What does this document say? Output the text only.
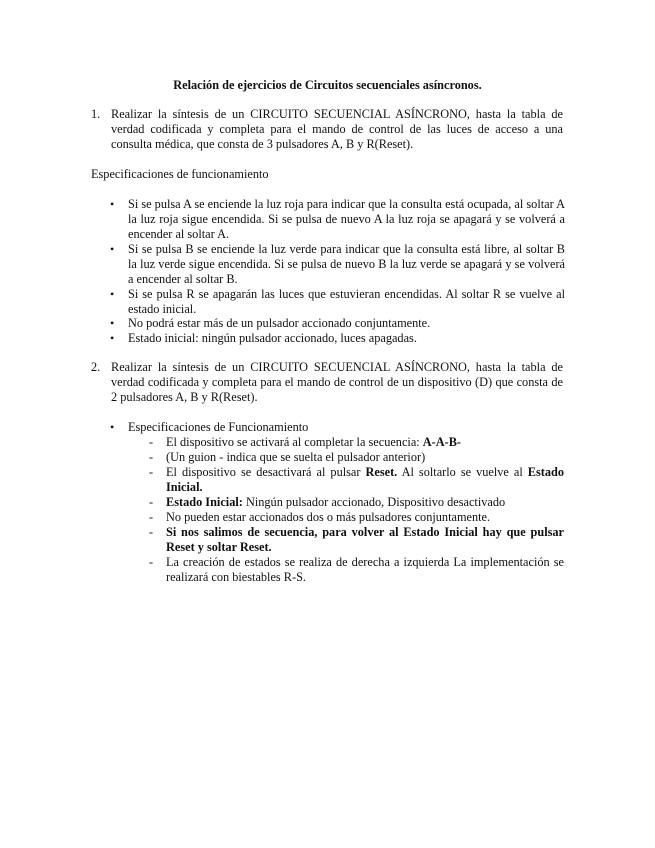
Relación de ejercicios de Circuitos secuenciales asíncronos.
1. Realizar la síntesis de un CIRCUITO SECUENCIAL ASÍNCRONO, hasta la tabla de verdad codificada y completa para el mando de control de las luces de acceso a una consulta médica, que consta de 3 pulsadores A, B y R(Reset).
Especificaciones de funcionamiento
•	Si se pulsa A se enciende la luz roja para indicar que la consulta está ocupada, al soltar A la luz roja sigue encendida. Si se pulsa de nuevo A la luz roja se apagará y se volverá a encender al soltar A.
•	Si se pulsa B se enciende la luz verde para indicar que la consulta está libre, al soltar B la luz verde sigue encendida. Si se pulsa de nuevo B la luz verde se apagará y se volverá a encender al soltar B.
•	Si se pulsa R se apagarán las luces que estuvieran encendidas. Al soltar R se vuelve al estado inicial.
•	No podrá estar más de un pulsador accionado conjuntamente.
•	Estado inicial: ningún pulsador accionado, luces apagadas.
2. Realizar la síntesis de un CIRCUITO SECUENCIAL ASÍNCRONO, hasta la tabla de verdad codificada y completa para el mando de control de un dispositivo (D) que consta de 2 pulsadores A, B y R(Reset).
•	Especificaciones de Funcionamiento
-	El dispositivo se activará al completar la secuencia: A-A-B-
-	(Un guion - indica que se suelta el pulsador anterior)
-	El dispositivo se desactivará al pulsar Reset. Al soltarlo se vuelve al Estado Inicial.
-	Estado Inicial: Ningún pulsador accionado, Dispositivo desactivado
-	No pueden estar accionados dos o más pulsadores conjuntamente.
-	Si nos salimos de secuencia, para volver al Estado Inicial hay que pulsar Reset y soltar Reset.
-	La creación de estados se realiza de derecha a izquierda La implementación se realizará con biestables R-S.
